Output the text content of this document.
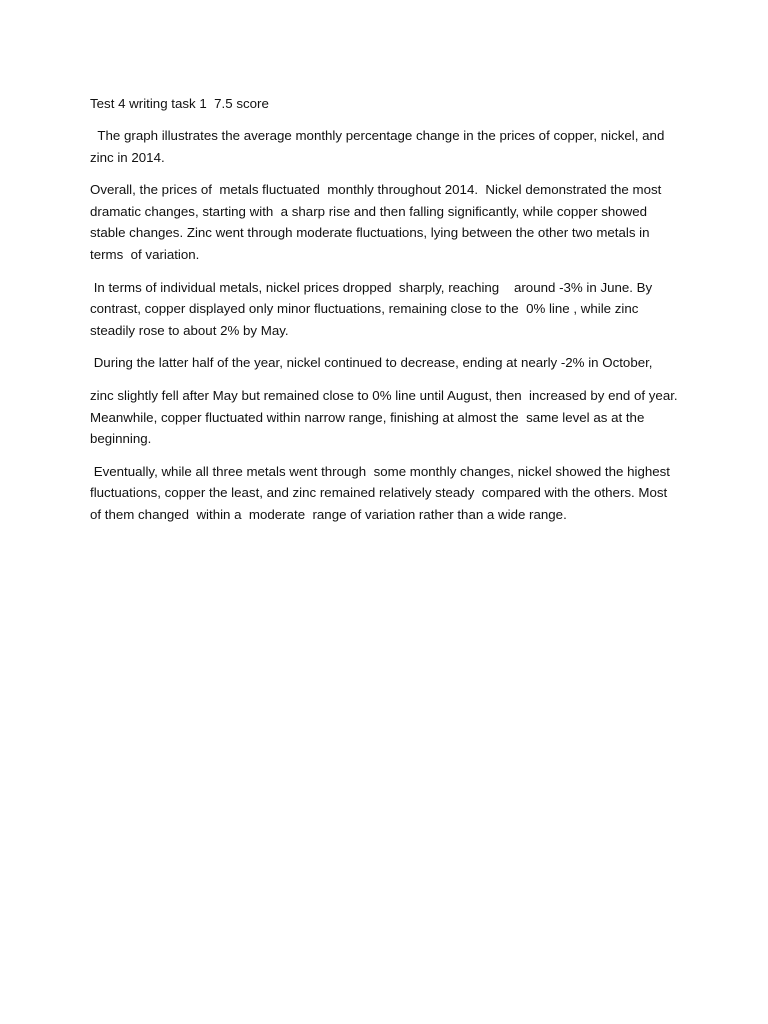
Test 4 writing task 1  7.5 score

The graph illustrates the average monthly percentage change in the prices of copper, nickel, and zinc in 2014.

Overall, the prices of  metals fluctuated  monthly throughout 2014.  Nickel demonstrated the most dramatic changes, starting with  a sharp rise and then falling significantly, while copper showed stable changes. Zinc went through moderate fluctuations, lying between the other two metals in terms  of variation.

In terms of individual metals, nickel prices dropped  sharply, reaching    around -3% in June. By contrast, copper displayed only minor fluctuations, remaining close to the  0% line , while zinc steadily rose to about 2% by May.

During the latter half of the year, nickel continued to decrease, ending at nearly -2% in October,

zinc slightly fell after May but remained close to 0% line until August, then  increased by end of year.  Meanwhile, copper fluctuated within narrow range, finishing at almost the  same level as at the beginning.

Eventually, while all three metals went through  some monthly changes, nickel showed the highest fluctuations, copper the least, and zinc remained relatively steady  compared with the others. Most of them changed  within a  moderate  range of variation rather than a wide range.
